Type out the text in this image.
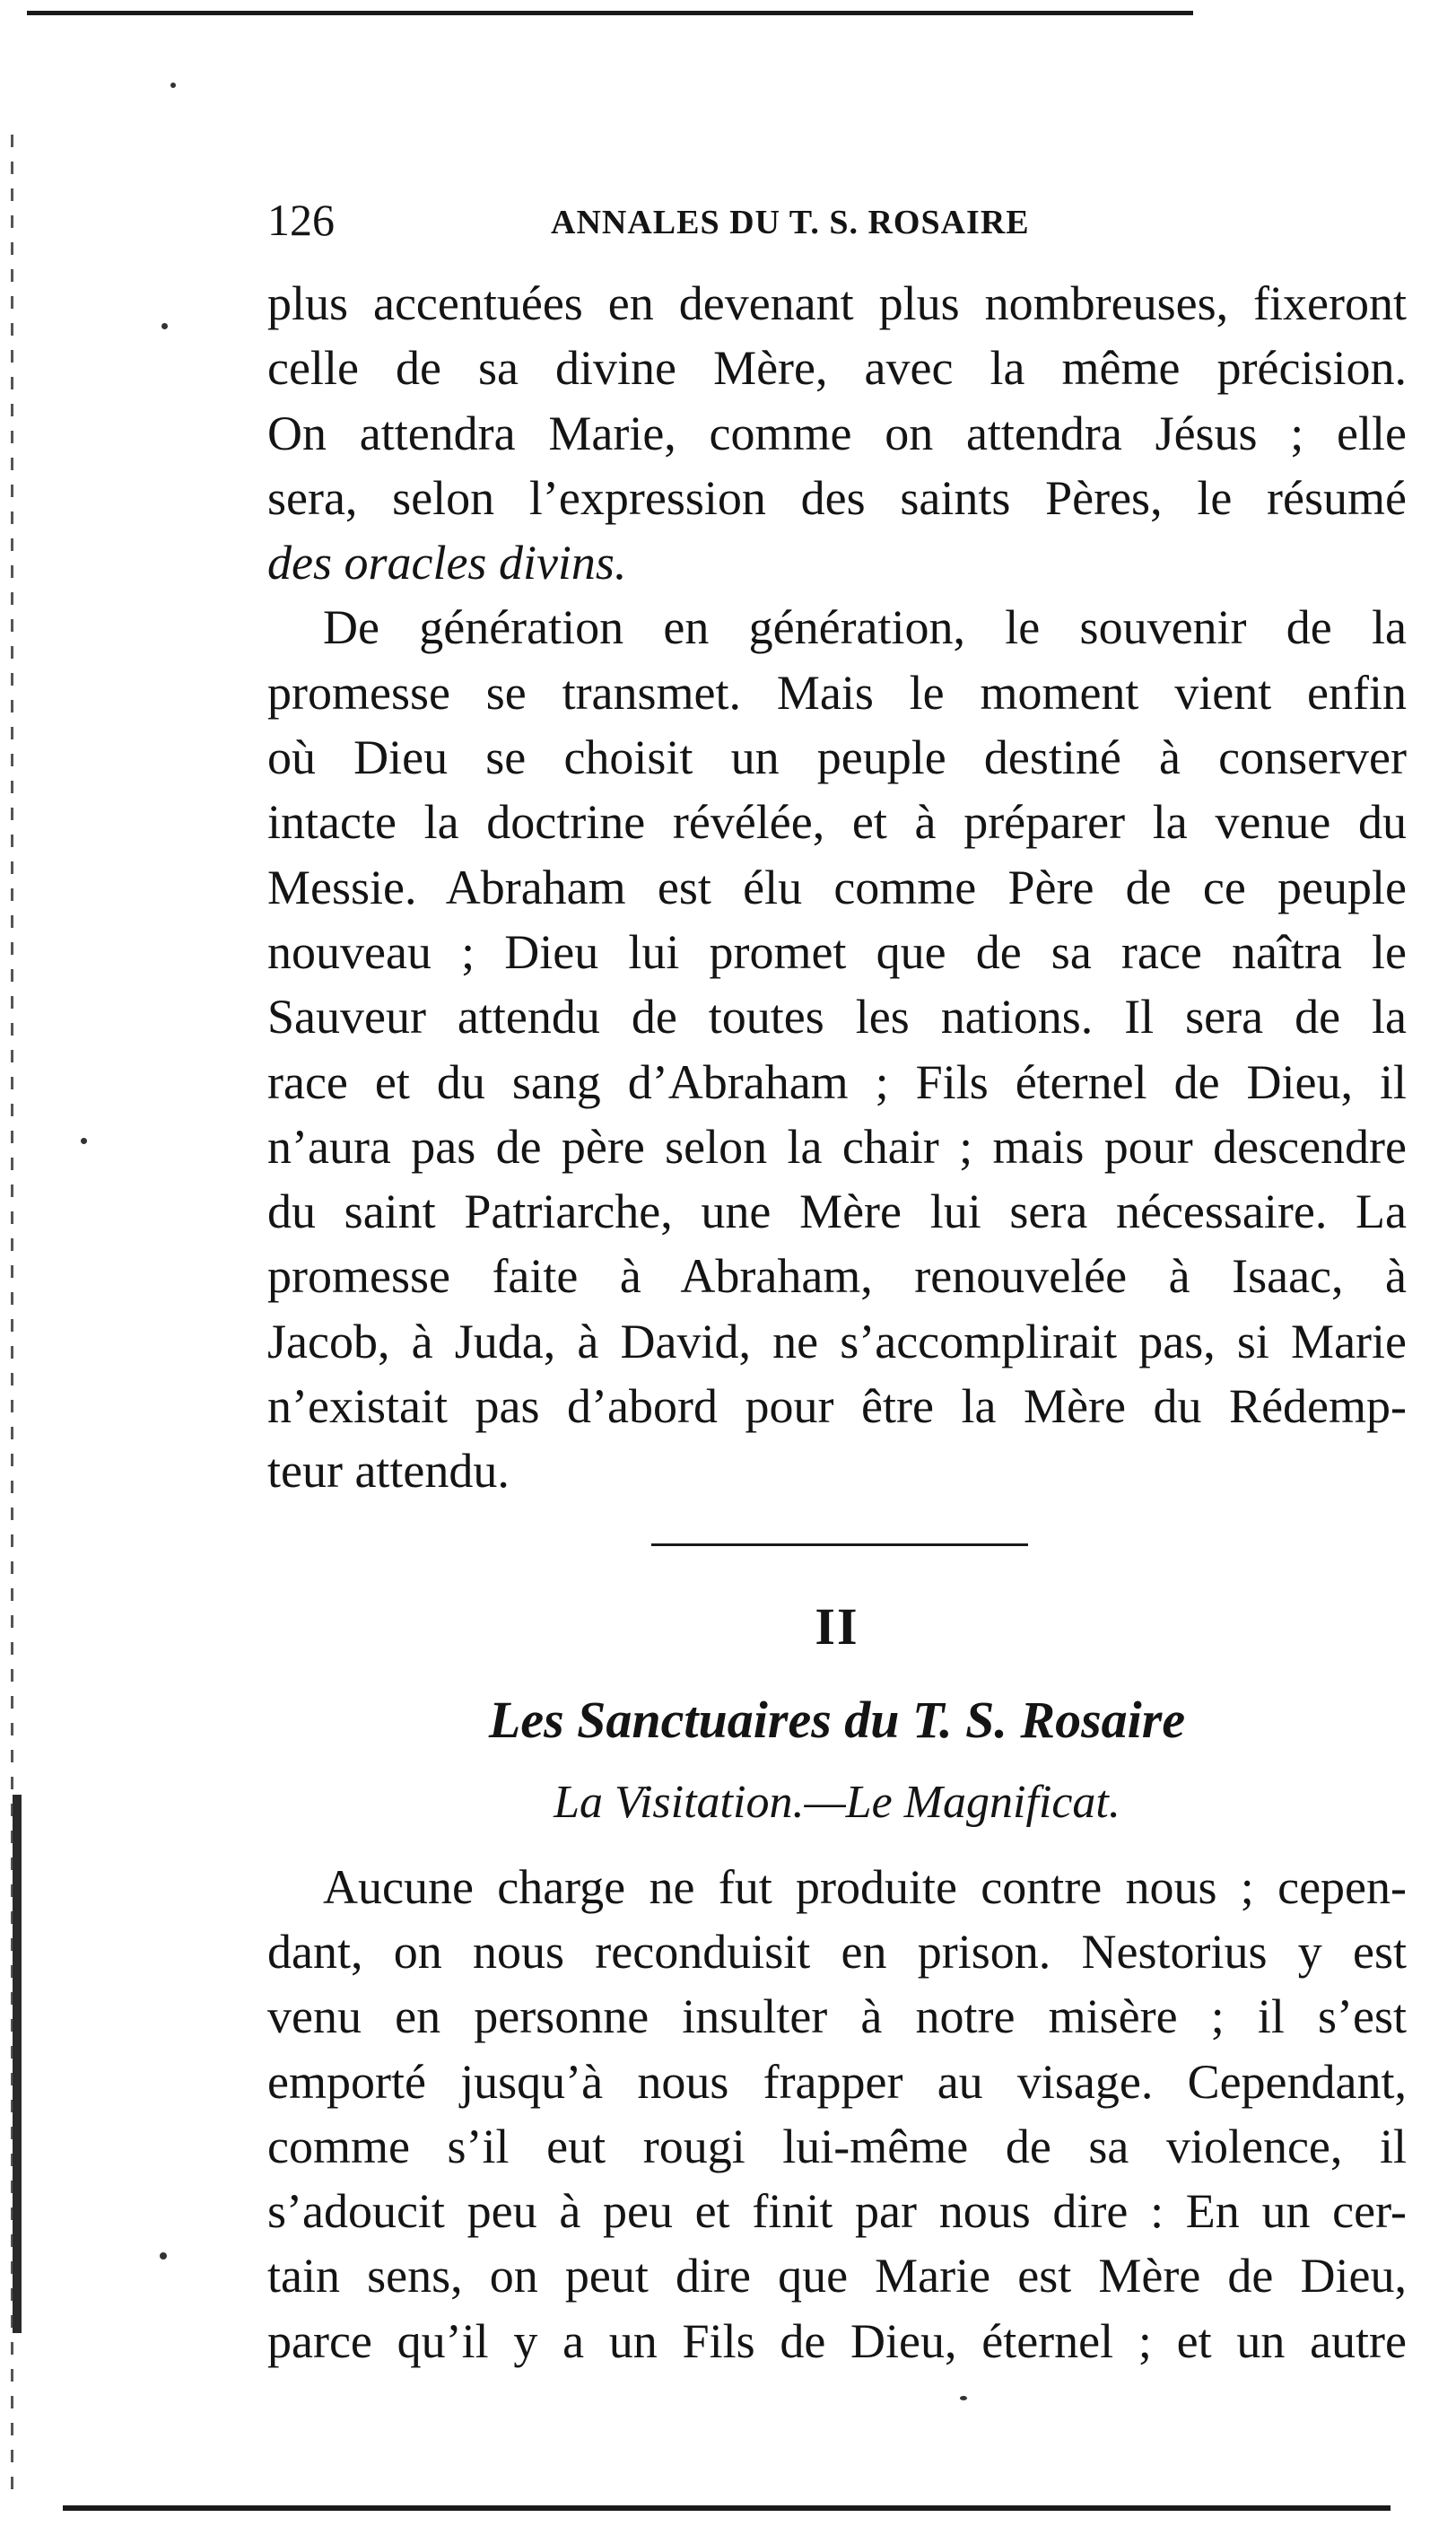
126	ANNALES DU T. S. ROSAIRE
plus accentuées en devenant plus nombreuses, fixeront
celle de sa divine Mère, avec la même précision.
On attendra Marie, comme on attendra Jésus ; elle
sera, selon l’expression des saints Pères, le résumé
des oracles divins.
De génération en génération, le souvenir de la
promesse se transmet. Mais le moment vient enfin
où Dieu se choisit un peuple destiné à conserver
intacte la doctrine révélée, et à préparer la venue du
Messie. Abraham est élu comme Père de ce peuple
nouveau ; Dieu lui promet que de sa race naîtra le
Sauveur attendu de toutes les nations. Il sera de la
race et du sang d’Abraham ; Fils éternel de Dieu, il
n’aura pas de père selon la chair ; mais pour descendre
du saint Patriarche, une Mère lui sera nécessaire. La
promesse faite à Abraham, renouvelée à Isaac, à
Jacob, à Juda, à David, ne s’accomplirait pas, si Marie
n’existait pas d’abord pour être la Mère du Rédemp-
teur attendu.
II
Les Sanctuaires du T. S. Rosaire
La Visitation.—Le Magnificat.
Aucune charge ne fut produite contre nous ; cepen-
dant, on nous reconduisit en prison. Nestorius y est
venu en personne insulter à notre misère ; il s’est
emporté jusqu’à nous frapper au visage. Cependant,
comme s’il eut rougi lui-même de sa violence, il
s’adoucit peu à peu et finit par nous dire : En un cer-
tain sens, on peut dire que Marie est Mère de Dieu,
parce qu’il y a un Fils de Dieu, éternel ; et un autre
